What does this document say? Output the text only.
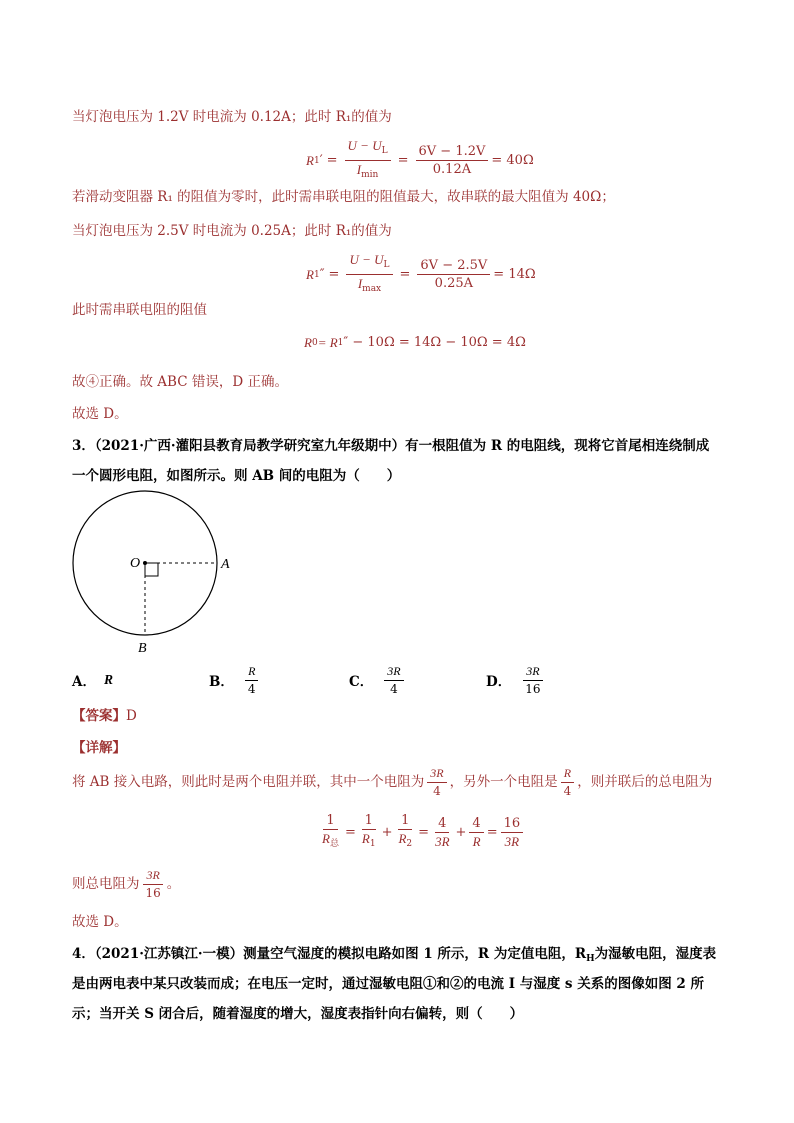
当灯泡电压为 1.2V 时电流为 0.12A；此时 R₁的值为
R 1 ′ = $\frac{U - U_L}{I_{min}} = \frac{6V - 1.2V}{0.12A} = 40\Omega$
若滑动变阻器 R₁ 的阻值为零时，此时需串联电阻的阻值最大，故串联的最大阻值为 40Ω；
当灯泡电压为 2.5V 时电流为 0.25A；此时 R₁的值为
R 1 ″ = $\frac{U - U_L}{I_{max}} = \frac{6V - 2.5V}{0.25A} = 14\Omega$
此时需串联电阻的阻值
R 0 = R 1 ″ − 10Ω = 14Ω − 10Ω = 4Ω
故④正确。故 ABC 错误，D 正确。
故选 D。
3．（2021·广西·灌阳县教育局教学研究室九年级期中）有一根阻值为 R 的电阻线，现将它首尾相连绕制成
一个圆形电阻，如图所示。则 AB 间的电阻为（　　）
O	A
B
A． R	B． $\frac{R}{4}$	C． $\frac{3R}{4}$	D． $\frac{3R}{16}$
【答案】D
【详解】
将 AB 接入电路，则此时是两个电阻并联，其中一个电阻为 $\frac{3R}{4}$ ，另外一个电阻是 $\frac{R}{4}$ ，则并联后的总电阻为
$\frac{1}{R_总} = \frac{1}{R_1} + \frac{1}{R_2} = \frac{4}{3R} + \frac{4}{R} = \frac{16}{3R}$
则总电阻为 $\frac{3R}{16}$ 。
故选 D。
4．（2021·江苏镇江·一模）测量空气湿度的模拟电路如图 1 所示，R 为定值电阻，$R_H$为湿敏电阻，湿度表
是由两电表中某只改装而成；在电压一定时，通过湿敏电阻①和②的电流 I 与湿度 s 关系的图像如图 2 所
示；当开关 S 闭合后，随着湿度的增大，湿度表指针向右偏转，则（　　）
